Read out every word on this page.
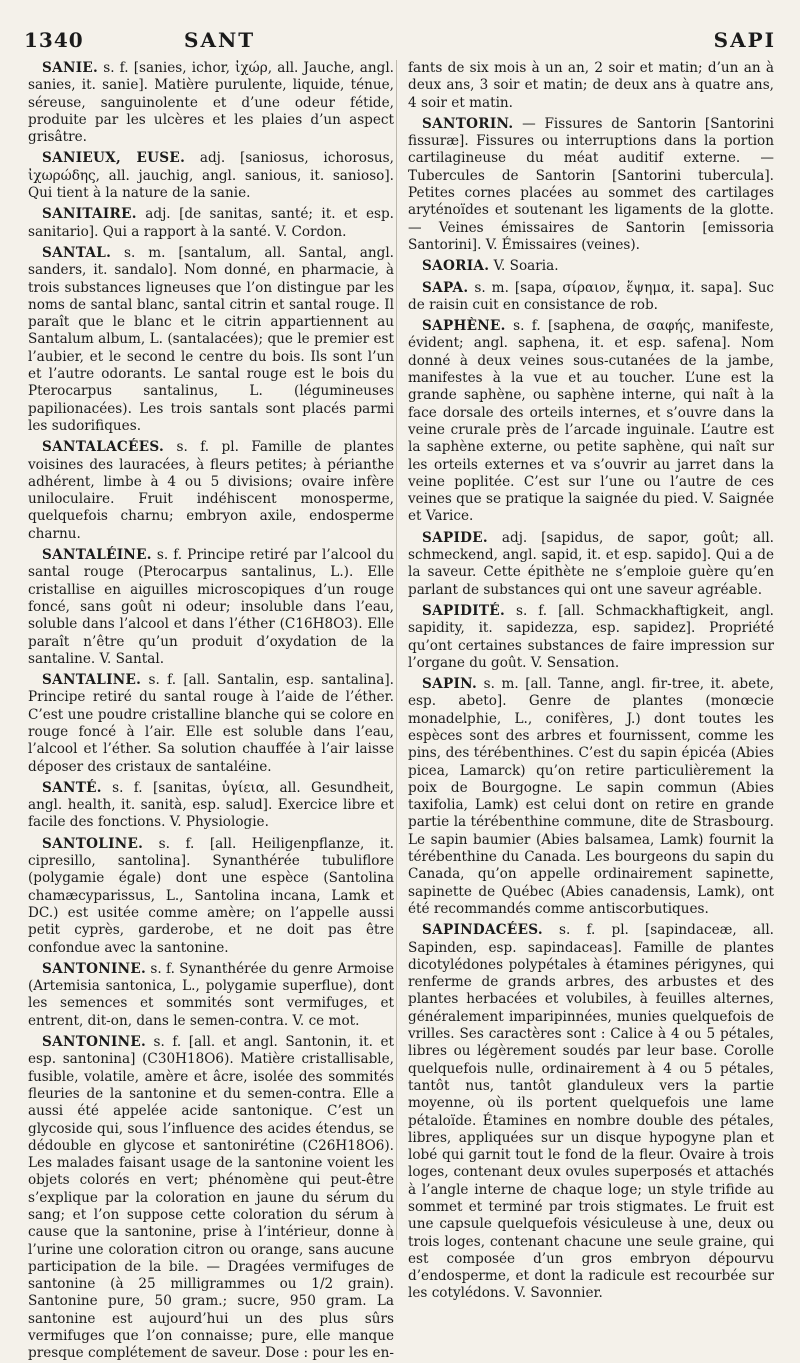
1340	SANT	SAPI

SANIE. s. f. [sanies, ichor, ἰχώρ, all. Jauche, angl. sanies, it. sanie]. Matière purulente, liquide, ténue, séreuse, sanguinolente et d’une odeur fétide, produite par les ulcères et les plaies d’un aspect grisâtre.

SANIEUX, EUSE. adj. [saniosus, ichorosus, ἰχωρώδης, all. jauchig, angl. sanious, it. sanioso]. Qui tient à la nature de la sanie.

SANITAIRE. adj. [de sanitas, santé; it. et esp. sanitario]. Qui a rapport à la santé. V. Cordon.

SANTAL. s. m. [santalum, all. Santal, angl. sanders, it. sandalo]. Nom donné, en pharmacie, à trois substances ligneuses que l’on distingue par les noms de santal blanc, santal citrin et santal rouge. Il paraît que le blanc et le citrin appartiennent au Santalum album, L. (santalacées); que le premier est l’aubier, et le second le centre du bois. Ils sont l’un et l’autre odorants. Le santal rouge est le bois du Pterocarpus santalinus, L. (légumineuses papilionacées). Les trois santals sont placés parmi les sudorifiques.

SANTALACÉES. s. f. pl. Famille de plantes voisines des lauracées, à fleurs petites; à périanthe adhérent, limbe à 4 ou 5 divisions; ovaire infère uniloculaire. Fruit indéhiscent monosperme, quelquefois charnu; embryon axile, endosperme charnu.

SANTALÉINE. s. f. Principe retiré par l’alcool du santal rouge (Pterocarpus santalinus, L.). Elle cristallise en aiguilles microscopiques d’un rouge foncé, sans goût ni odeur; insoluble dans l’eau, soluble dans l’alcool et dans l’éther (C16H8O3). Elle paraît n’être qu’un produit d’oxydation de la santaline. V. Santal.

SANTALINE. s. f. [all. Santalin, esp. santalina]. Principe retiré du santal rouge à l’aide de l’éther. C’est une poudre cristalline blanche qui se colore en rouge foncé à l’air. Elle est soluble dans l’eau, l’alcool et l’éther. Sa solution chauffée à l’air laisse déposer des cristaux de santaléine.

SANTÉ. s. f. [sanitas, ὑγίεια, all. Gesundheit, angl. health, it. sanità, esp. salud]. Exercice libre et facile des fonctions. V. Physiologie.

SANTOLINE. s. f. [all. Heiligenpflanze, it. cipresillo, santolina]. Synanthérée tubuliflore (polygamie égale) dont une espèce (Santolina chamæcyparissus, L., Santolina incana, Lamk et DC.) est usitée comme amère; on l’appelle aussi petit cyprès, garderobe, et ne doit pas être confondue avec la santonine.

SANTONINE. s. f. Synanthérée du genre Armoise (Artemisia santonica, L., polygamie superflue), dont les semences et sommités sont vermifuges, et entrent, dit-on, dans le semen-contra. V. ce mot.

SANTONINE. s. f. [all. et angl. Santonin, it. et esp. santonina] (C30H18O6). Matière cristallisable, fusible, volatile, amère et âcre, isolée des sommités fleuries de la santonine et du semen-contra. Elle a aussi été appelée acide santonique. C’est un glycoside qui, sous l’influence des acides étendus, se dédouble en glycose et santonirétine (C26H18O6). Les malades faisant usage de la santonine voient les objets colorés en vert; phénomène qui peut-être s’explique par la coloration en jaune du sérum du sang; et l’on suppose cette coloration du sérum à cause que la santonine, prise à l’intérieur, donne à l’urine une coloration citron ou orange, sans aucune participation de la bile. — Dragées vermifuges de santonine (à 25 milligrammes ou 1/2 grain). Santonine pure, 50 gram.; sucre, 950 gram. La santonine est aujourd’hui un des plus sûrs vermifuges que l’on connaisse; pure, elle manque presque complétement de saveur. Dose : pour les en-

fants de six mois à un an, 2 soir et matin; d’un an à deux ans, 3 soir et matin; de deux ans à quatre ans, 4 soir et matin.

SANTORIN. — Fissures de Santorin [Santorini fissuræ]. Fissures ou interruptions dans la portion cartilagineuse du méat auditif externe. — Tubercules de Santorin [Santorini tubercula]. Petites cornes placées au sommet des cartilages aryténoïdes et soutenant les ligaments de la glotte. — Veines émissaires de Santorin [emissoria Santorini]. V. Émissaires (veines).

SAORIA. V. Soaria.

SAPA. s. m. [sapa, σίραιον, ἕψημα, it. sapa]. Suc de raisin cuit en consistance de rob.

SAPHÈNE. s. f. [saphena, de σαφής, manifeste, évident; angl. saphena, it. et esp. safena]. Nom donné à deux veines sous-cutanées de la jambe, manifestes à la vue et au toucher. L’une est la grande saphène, ou saphène interne, qui naît à la face dorsale des orteils internes, et s’ouvre dans la veine crurale près de l’arcade inguinale. L’autre est la saphène externe, ou petite saphène, qui naît sur les orteils externes et va s’ouvrir au jarret dans la veine poplitée. C’est sur l’une ou l’autre de ces veines que se pratique la saignée du pied. V. Saignée et Varice.

SAPIDE. adj. [sapidus, de sapor, goût; all. schmeckend, angl. sapid, it. et esp. sapido]. Qui a de la saveur. Cette épithète ne s’emploie guère qu’en parlant de substances qui ont une saveur agréable.

SAPIDITÉ. s. f. [all. Schmackhaftigkeit, angl. sapidity, it. sapidezza, esp. sapidez]. Propriété qu’ont certaines substances de faire impression sur l’organe du goût. V. Sensation.

SAPIN. s. m. [all. Tanne, angl. fir-tree, it. abete, esp. abeto]. Genre de plantes (monœcie monadelphie, L., conifères, J.) dont toutes les espèces sont des arbres et fournissent, comme les pins, des térébenthines. C’est du sapin épicéa (Abies picea, Lamarck) qu’on retire particulièrement la poix de Bourgogne. Le sapin commun (Abies taxifolia, Lamk) est celui dont on retire en grande partie la térébenthine commune, dite de Strasbourg. Le sapin baumier (Abies balsamea, Lamk) fournit la térébenthine du Canada. Les bourgeons du sapin du Canada, qu’on appelle ordinairement sapinette, sapinette de Québec (Abies canadensis, Lamk), ont été recommandés comme antiscorbutiques.

SAPINDACÉES. s. f. pl. [sapindaceæ, all. Sapinden, esp. sapindaceas]. Famille de plantes dicotylédones polypétales à étamines périgynes, qui renferme de grands arbres, des arbustes et des plantes herbacées et volubiles, à feuilles alternes, généralement imparipinnées, munies quelquefois de vrilles. Ses caractères sont : Calice à 4 ou 5 pétales, libres ou légèrement soudés par leur base. Corolle quelquefois nulle, ordinairement à 4 ou 5 pétales, tantôt nus, tantôt glanduleux vers la partie moyenne, où ils portent quelquefois une lame pétaloïde. Étamines en nombre double des pétales, libres, appliquées sur un disque hypogyne plan et lobé qui garnit tout le fond de la fleur. Ovaire à trois loges, contenant deux ovules superposés et attachés à l’angle interne de chaque loge; un style trifide au sommet et terminé par trois stigmates. Le fruit est une capsule quelquefois vésiculeuse à une, deux ou trois loges, contenant chacune une seule graine, qui est composée d’un gros embryon dépourvu d’endosperme, et dont la radicule est recourbée sur les cotylédons. V. Savonnier.
